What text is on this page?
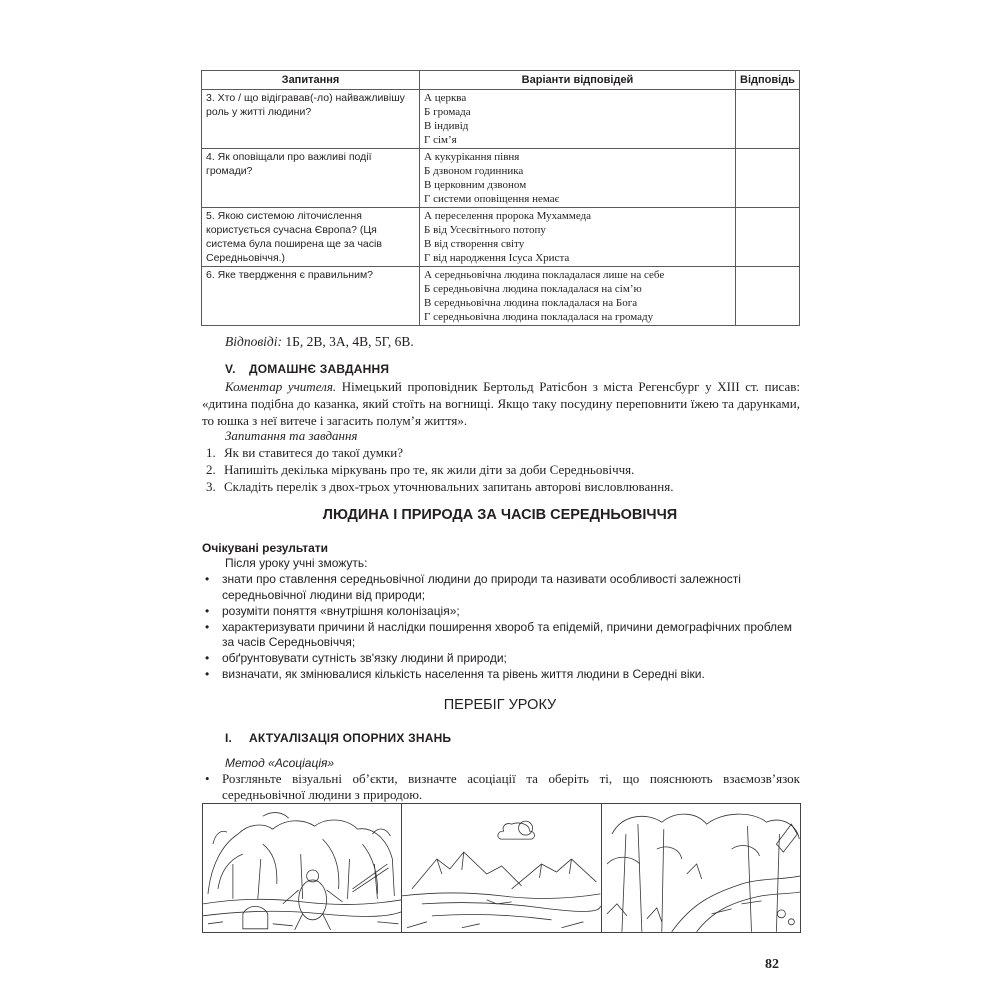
Запитання	Варіанти відповідей	Відповідь
3. Хто / що відігравав(-ло) найважливішу роль у житті людини?	А церква
Б громада
В індивід
Г сім’я	

4. Як оповіщали про важливі події громади?	А кукурікання півня
Б дзвоном годинника
В церковним дзвоном
Г системи оповіщення немає	

5. Якою системою літочислення користується сучасна Європа? (Ця система була поширена ще за часів Середньовіччя.)	А переселення пророка Мухаммеда
Б від Усесвітнього потопу
В від створення світу
Г від народження Ісуса Христа	

6. Яке твердження є правильним?	А середньовічна людина покладалася лише на себе
Б середньовічна людина покладалася на сім’ю
В середньовічна людина покладалася на Бога
Г середньовічна людина покладалася на громаду	

Відповіді: 1Б, 2В, 3А, 4В, 5Г, 6В.
V. ДОМАШНЄ ЗАВДАННЯ
Коментар учителя. Німецький проповідник Бертольд Ратісбон з міста Регенсбург у XIII ст. писав: «дитина подібна до казанка, який стоїть на вогнищі. Якщо таку посудину переповнити їжею та дарунками, то юшка з неї витече і загасить полум’я життя».
Запитання та завдання
1. Як ви ставитеся до такої думки?
2. Напишіть декілька міркувань про те, як жили діти за доби Середньовіччя.
3. Складіть перелік з двох-трьох уточнювальних запитань авторові висловлювання.
ЛЮДИНА І ПРИРОДА ЗА ЧАСІВ СЕРЕДНЬОВІЧЧЯ
Очікувані результати
Після уроку учні зможуть:
•	знати про ставлення середньовічної людини до природи та називати особливості залежності середньовічної людини від природи;
•	розуміти поняття «внутрішня колонізація»;
•	характеризувати причини й наслідки поширення хвороб та епідемій, причини демографічних проблем за часів Середньовіччя;
•	обґрунтовувати сутність зв'язку людини й природи;
•	визначати, як змінювалися кількість населення та рівень життя людини в Середні віки.
ПЕРЕБІГ УРОКУ
I. АКТУАЛІЗАЦІЯ ОПОРНИХ ЗНАНЬ
Метод «Асоціація»
• Розгляньте візуальні об’єкти, визначте асоціації та оберіть ті, що пояснюють взаємозв’язок середньовічної людини з природою.
82
